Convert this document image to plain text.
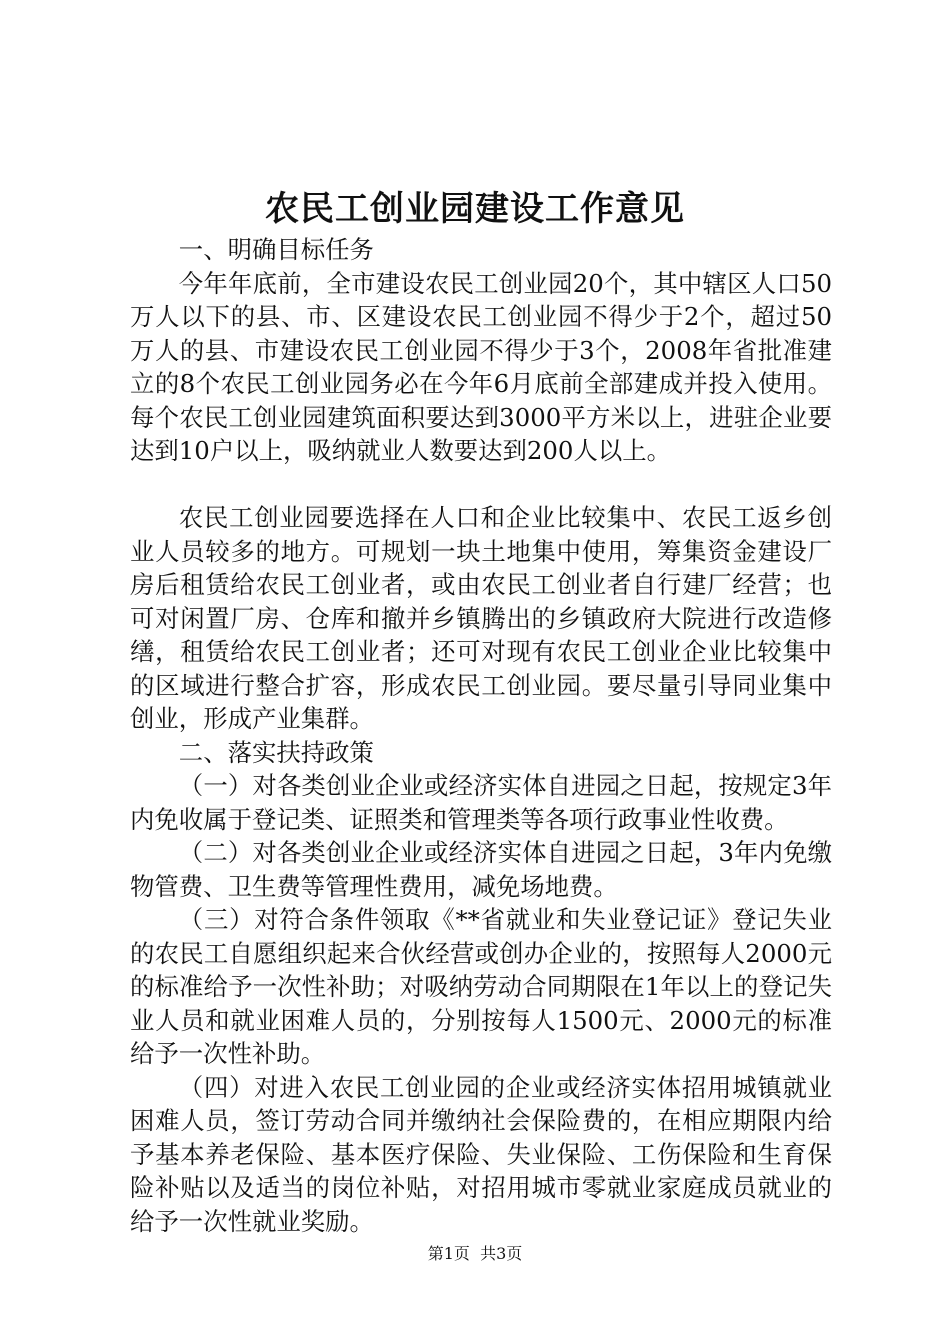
农民工创业园建设工作意见

一、明确目标任务

今年年底前，全市建设农民工创业园20个，其中辖区人口50万人以下的县、市、区建设农民工创业园不得少于2个，超过50万人的县、市建设农民工创业园不得少于3个，2008年省批准建立的8个农民工创业园务必在今年6月底前全部建成并投入使用。每个农民工创业园建筑面积要达到3000平方米以上，进驻企业要达到10户以上，吸纳就业人数要达到200人以上。

农民工创业园要选择在人口和企业比较集中、农民工返乡创业人员较多的地方。可规划一块土地集中使用，筹集资金建设厂房后租赁给农民工创业者，或由农民工创业者自行建厂经营；也可对闲置厂房、仓库和撤并乡镇腾出的乡镇政府大院进行改造修缮，租赁给农民工创业者；还可对现有农民工创业企业比较集中的区域进行整合扩容，形成农民工创业园。要尽量引导同业集中创业，形成产业集群。

二、落实扶持政策

（一）对各类创业企业或经济实体自进园之日起，按规定3年内免收属于登记类、证照类和管理类等各项行政事业性收费。

（二）对各类创业企业或经济实体自进园之日起，3年内免缴物管费、卫生费等管理性费用，减免场地费。

（三）对符合条件领取《**省就业和失业登记证》登记失业的农民工自愿组织起来合伙经营或创办企业的，按照每人2000元的标准给予一次性补助；对吸纳劳动合同期限在1年以上的登记失业人员和就业困难人员的，分别按每人1500元、2000元的标准给予一次性补助。

（四）对进入农民工创业园的企业或经济实体招用城镇就业困难人员，签订劳动合同并缴纳社会保险费的，在相应期限内给予基本养老保险、基本医疗保险、失业保险、工伤保险和生育保险补贴以及适当的岗位补贴，对招用城市零就业家庭成员就业的给予一次性就业奖励。

第1页 共3页
